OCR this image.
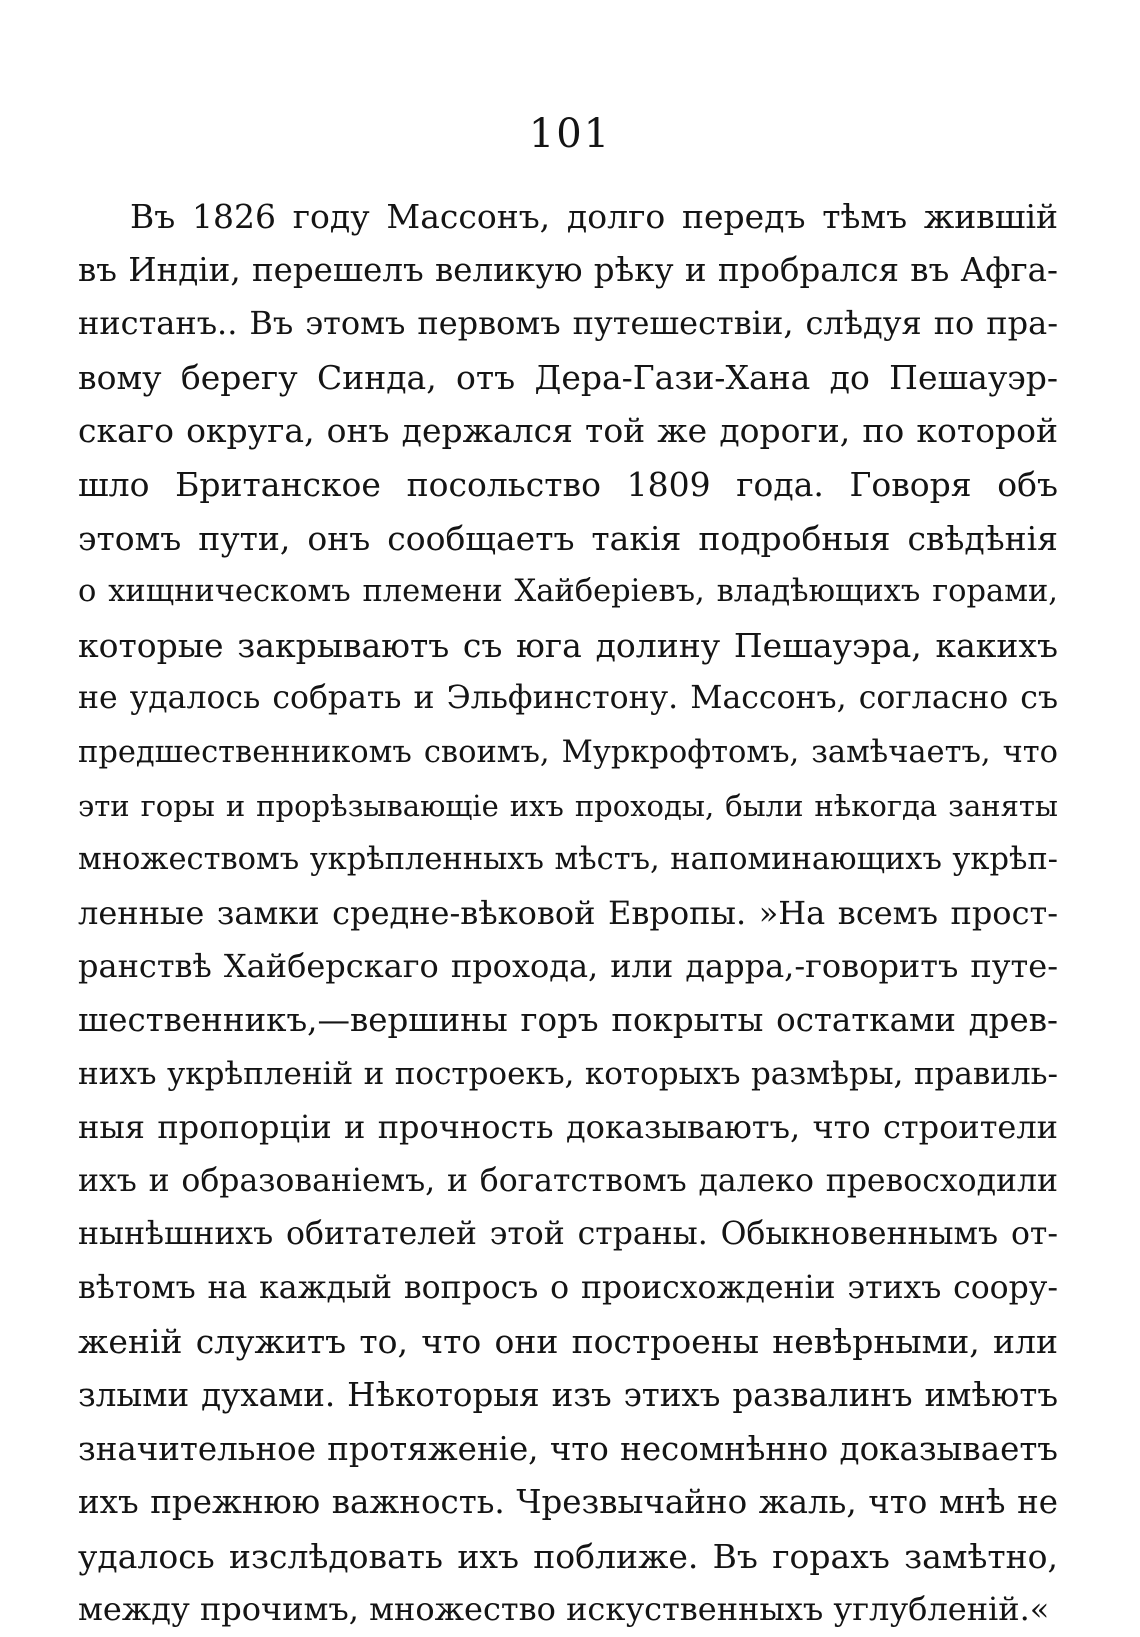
101
Въ 1826 году Массонъ, долго передъ тѣмъ жившій
въ Индіи, перешелъ великую рѣку и пробрался въ Афга-
нистанъ.. Въ этомъ первомъ путешествіи, слѣдуя по пра-
вому берегу Синда, отъ Дера-Гази-Хана до Пешауэр-
скаго округа, онъ держался той же дороги, по которой
шло Британское посольство 1809 года. Говоря объ
этомъ пути, онъ сообщаетъ такія подробныя свѣдѣнія
о хищническомъ племени Хайберіевъ, владѣющихъ горами,
которые закрываютъ съ юга долину Пешауэра, какихъ
не удалось собрать и Эльфинстону. Массонъ, согласно съ
предшественникомъ своимъ, Муркрофтомъ, замѣчаетъ, что
эти горы и прорѣзывающіе ихъ проходы, были нѣкогда заняты
множествомъ укрѣпленныхъ мѣстъ, напоминающихъ укрѣп-
ленные замки средне-вѣковой Европы. »На всемъ прост-
ранствѣ Хайберскаго прохода, или дарра,-говоритъ путе-
шественникъ,—вершины горъ покрыты остатками древ-
нихъ укрѣпленій и построекъ, которыхъ размѣры, правиль-
ныя пропорціи и прочность доказываютъ, что строители
ихъ и образованіемъ, и богатствомъ далеко превосходили
нынѣшнихъ обитателей этой страны. Обыкновеннымъ от-
вѣтомъ на каждый вопросъ о происхожденіи этихъ соору-
женій служитъ то, что они построены невѣрными, или
злыми духами. Нѣкоторыя изъ этихъ развалинъ имѣютъ
значительное протяженіе, что несомнѣнно доказываетъ
ихъ прежнюю важность. Чрезвычайно жаль, что мнѣ не
удалось изслѣдовать ихъ поближе. Въ горахъ замѣтно,
между прочимъ, множество искуственныхъ углубленій.«
